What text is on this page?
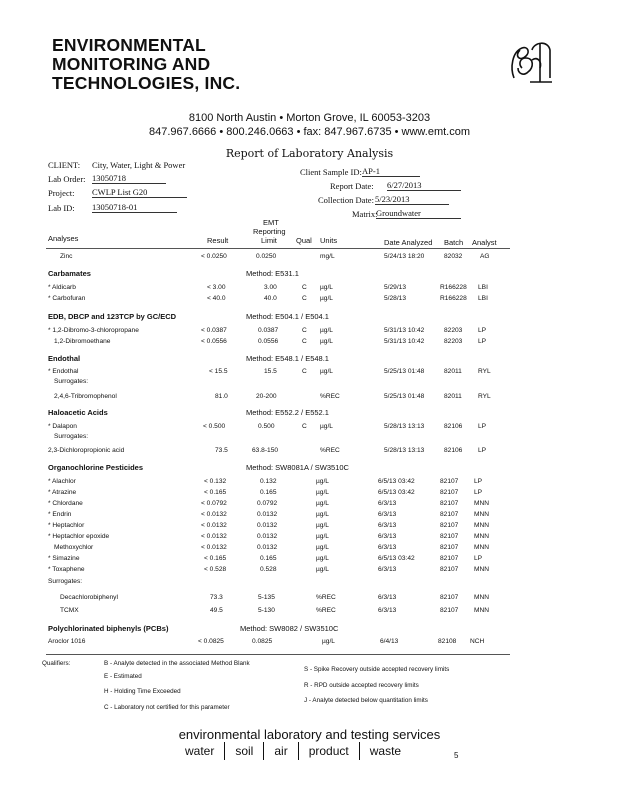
ENVIRONMENTAL
MONITORING AND
TECHNOLOGIES, INC.
8100 North Austin • Morton Grove, IL 60053-3203
847.967.6666 • 800.246.0663 • fax: 847.967.6735 • www.emt.com
Report of Laboratory Analysis
CLIENT: City, Water, Light & Power
Lab Order: 13050718
Project: CWLP List G20
Lab ID: 13050718-01
Client Sample ID: AP-1
Report Date: 6/27/2013
Collection Date: 5/23/2013
Matrix:
Groundwater
Analyses	Result
EMT
Reporting
Limit	Qual Units	Date Analyzed Batch Analyst
Zinc	< 0.0250	0.0250	mg/L	5/24/13 18:20	82032	AG
Carbamates	Method: E531.1
* Aldicarb	< 3.00	3.00	C µg/L	5/29/13	R166228 LBI
* Carbofuran	< 40.0	40.0	C µg/L	5/28/13	R166228 LBI
EDB, DBCP and 123TCP by GC/ECD	Method: E504.1 / E504.1
* 1,2-Dibromo-3-chloropropane	< 0.0387	0.0387	C µg/L	5/31/13 10:42	82203 LP
1,2-Dibromoethane	< 0.0556	0.0556	C µg/L	5/31/13 10:42	82203 LP
Endothal	Method: E548.1 / E548.1
* Endothal	< 15.5	15.5	C µg/L	5/25/13 01:48	82011 RYL
Surrogates:
2,4,6-Tribromophenol	81.0	20-200	%REC	5/25/13 01:48	82011 RYL
Haloacetic Acids	Method: E552.2 / E552.1
* Dalapon	< 0.500	0.500	C µg/L	5/28/13 13:13	82106 LP
Surrogates:
2,3-Dichloropropionic acid	73.5	63.8-150	%REC	5/28/13 13:13	82106 LP
Organochlorine Pesticides	Method: SW8081A / SW3510C
* Alachlor	< 0.132	0.132	µg/L	6/5/13 03:42	82107 LP
* Atrazine	< 0.165	0.165	µg/L	6/5/13 03:42	82107 LP
* Chlordane	< 0.0792	0.0792	µg/L	6/3/13	82107 MNN
* Endrin	< 0.0132	0.0132	µg/L	6/3/13	82107 MNN
* Heptachlor	< 0.0132	0.0132	µg/L	6/3/13	82107 MNN
* Heptachlor epoxide	< 0.0132	0.0132	µg/L	6/3/13	82107 MNN
Methoxychlor	< 0.0132	0.0132	µg/L	6/3/13	82107 MNN
* Simazine	< 0.165	0.165	µg/L	6/5/13 03:42	82107 LP
* Toxaphene	< 0.528	0.528	µg/L	6/3/13	82107 MNN
Surrogates:
Decachlorobiphenyl	73.3	5-135	%REC	6/3/13	82107 MNN
TCMX	49.5	5-130	%REC	6/3/13	82107 MNN
Polychlorinated biphenyls (PCBs)	Method: SW8082 / SW3510C
Aroclor 1016	< 0.0825	0.0825	µg/L	6/4/13	82108 NCH
Qualifiers:	B - Analyte detected in the associated Method Blank
E - Estimated
H - Holding Time Exceeded
C - Laboratory not certified for this parameter
S - Spike Recovery outside accepted recovery limits
R - RPD outside accepted recovery limits
J - Analyte detected below quantitation limits
environmental laboratory and testing services
water soil air product waste	5
